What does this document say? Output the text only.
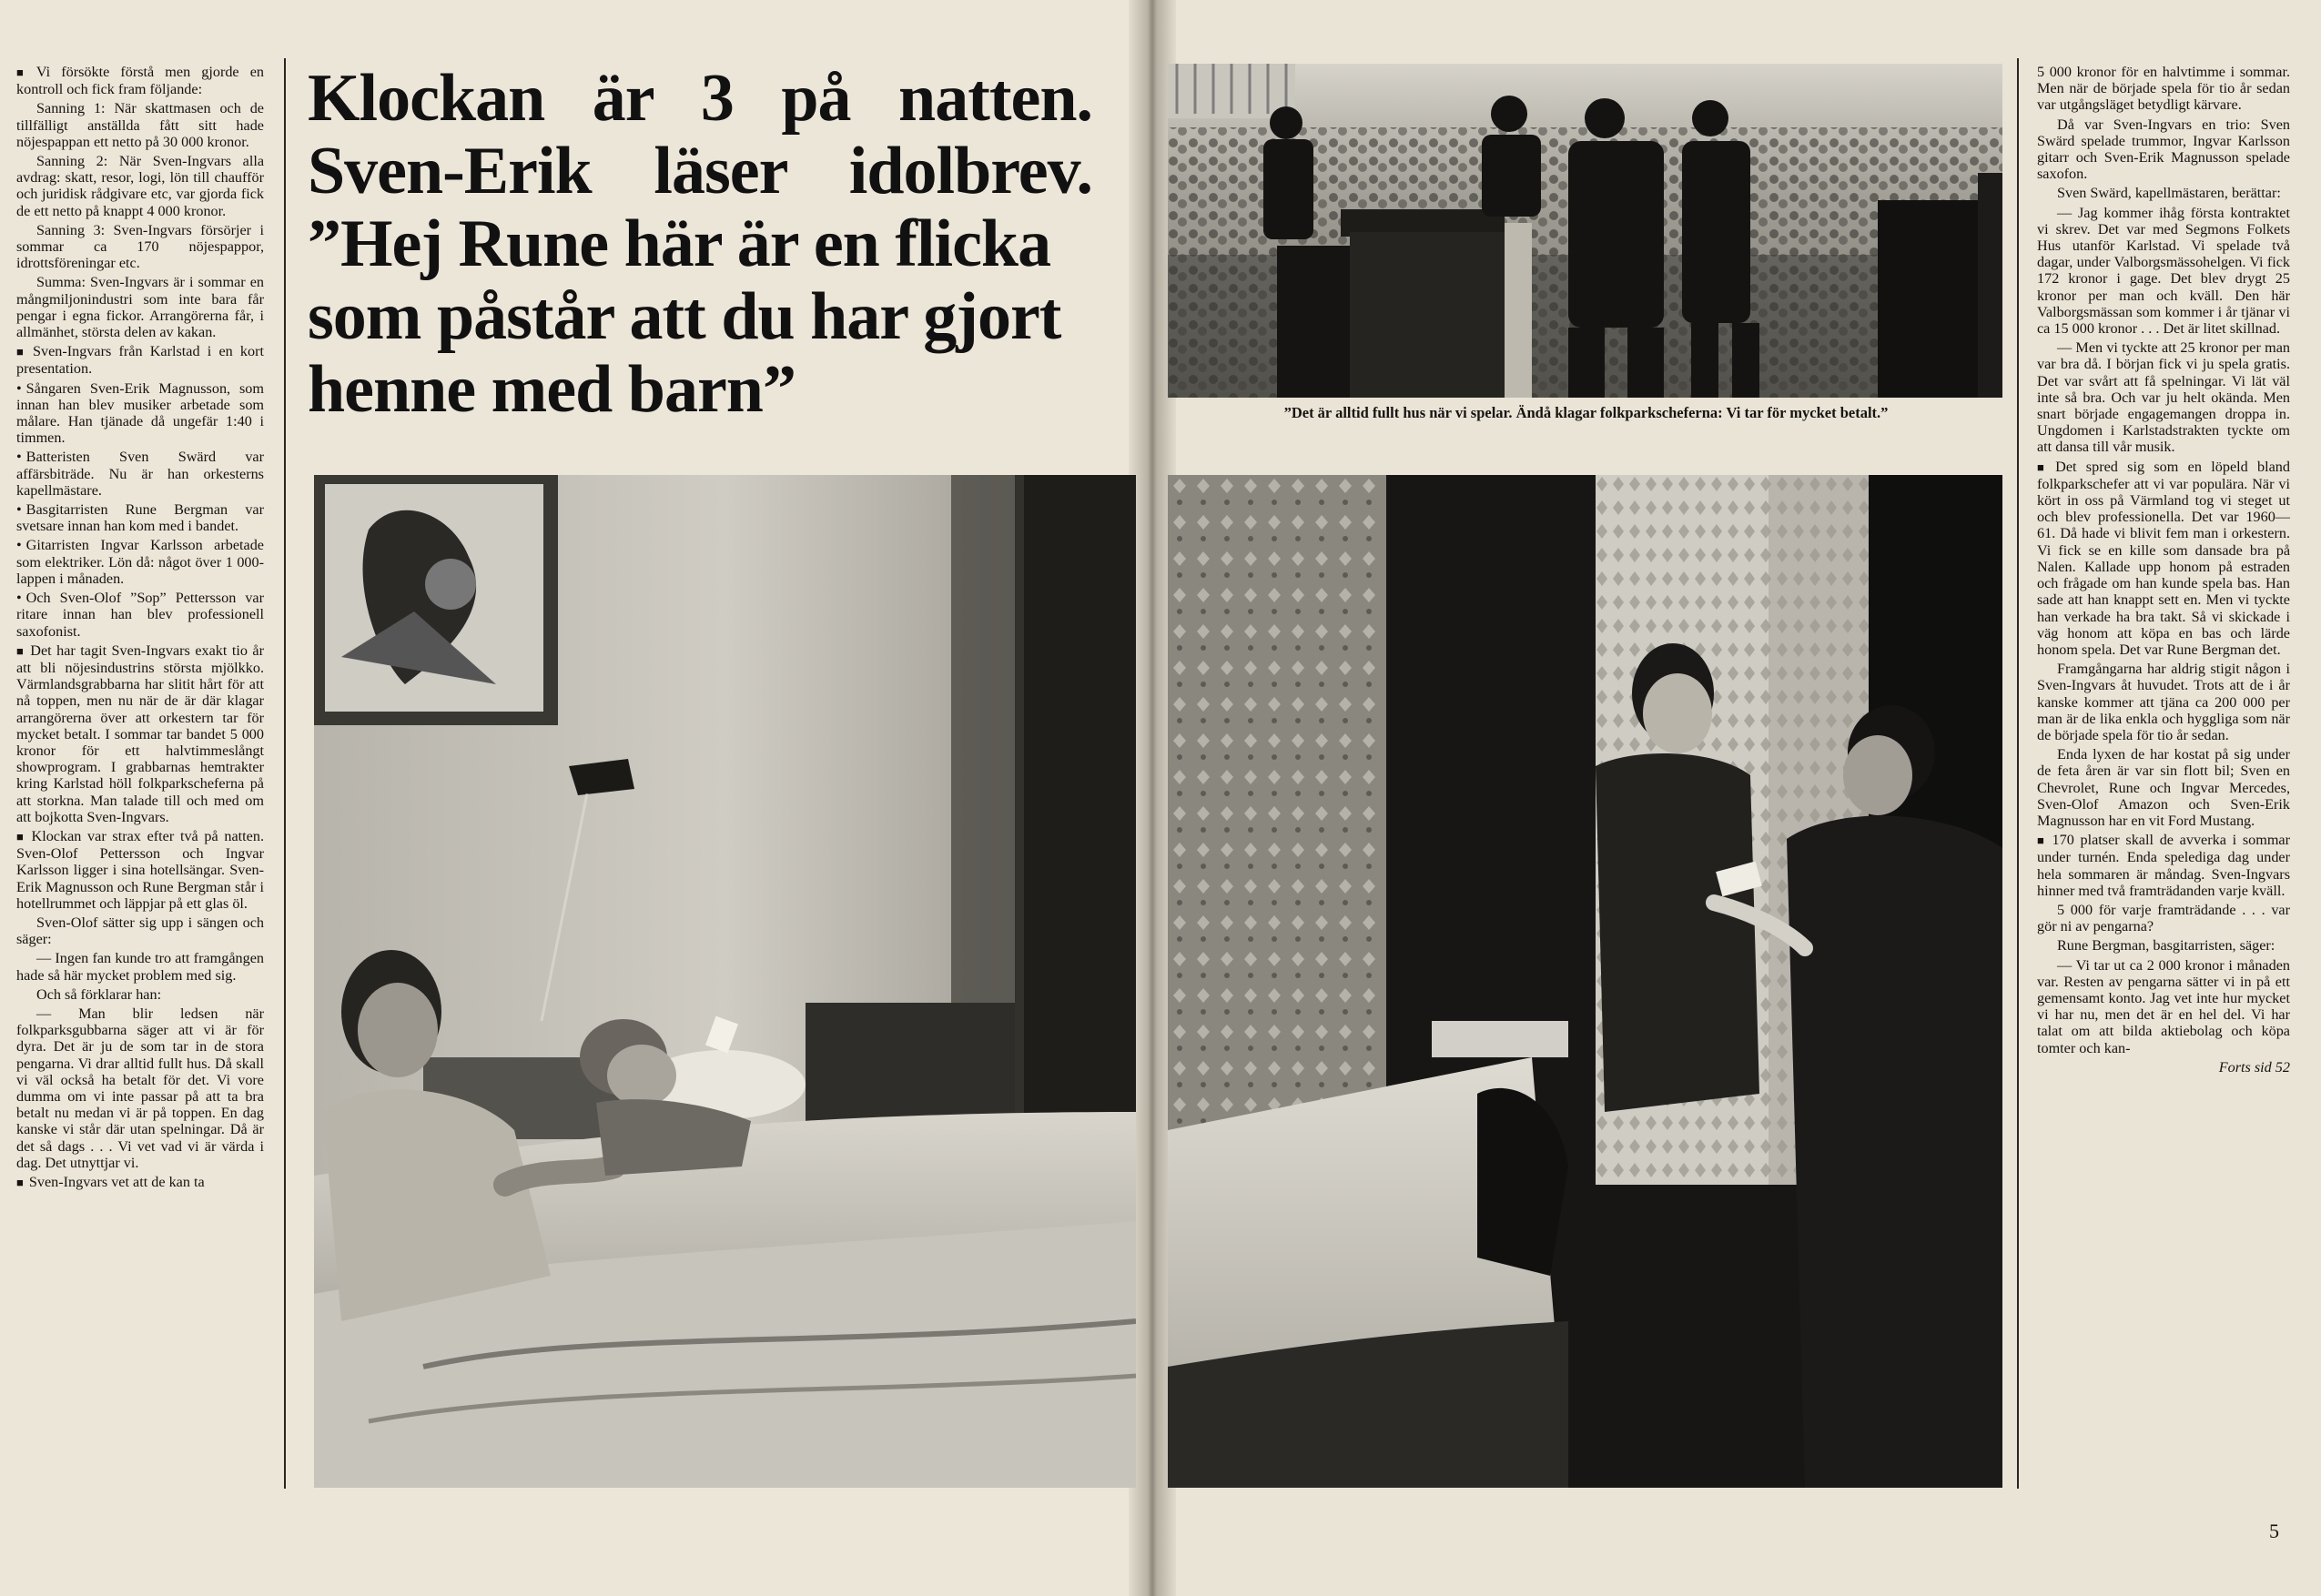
■ Vi försökte förstå men gjorde en kontroll och fick fram följande:

Sanning 1: När skattmasen och de tillfälligt anställda fått sitt hade nöjespappan ett netto på 30 000 kronor.

Sanning 2: När Sven-Ingvars alla avdrag: skatt, resor, logi, lön till chaufför och juridisk rådgivare etc, var gjorda fick de ett netto på knappt 4 000 kronor.

Sanning 3: Sven-Ingvars försörjer i sommar ca 170 nöjespappor, idrottsföreningar etc.

Summa: Sven-Ingvars är i sommar en mångmiljonindustri som inte bara får pengar i egna fickor. Arrangörerna får, i allmänhet, största delen av kakan.

■ Sven-Ingvars från Karlstad i en kort presentation.

• Sångaren Sven-Erik Magnusson, som innan han blev musiker arbetade som målare. Han tjänade då ungefär 1:40 i timmen.

• Batteristen Sven Swärd var affärsbiträde. Nu är han orkesterns kapellmästare.

• Basgitarristen Rune Bergman var svetsare innan han kom med i bandet.

• Gitarristen Ingvar Karlsson arbetade som elektriker. Lön då: något över 1 000-lappen i månaden.

• Och Sven-Olof ”Sop” Pettersson var ritare innan han blev professionell saxofonist.

■ Det har tagit Sven-Ingvars exakt tio år att bli nöjesindustrins största mjölkko. Värmlandsgrabbarna har slitit hårt för att nå toppen, men nu när de är där klagar arrangörerna över att orkestern tar för mycket betalt. I sommar tar bandet 5 000 kronor för ett halvtimmeslångt showprogram. I grabbarnas hemtrakter kring Karlstad höll folkparkscheferna på att storkna. Man talade till och med om att bojkotta Sven-Ingvars.

■ Klockan var strax efter två på natten. Sven-Olof Pettersson och Ingvar Karlsson ligger i sina hotellsängar. Sven-Erik Magnusson och Rune Bergman står i hotellrummet och läppjar på ett glas öl.

Sven-Olof sätter sig upp i sängen och säger:

— Ingen fan kunde tro att framgången hade så här mycket problem med sig.

Och så förklarar han:

— Man blir ledsen när folkparksgubbarna säger att vi är för dyra. Det är ju de som tar in de stora pengarna. Vi drar alltid fullt hus. Då skall vi väl också ha betalt för det. Vi vore dumma om vi inte passar på att ta bra betalt nu medan vi är på toppen. En dag kanske vi står där utan spelningar. Då är det så dags . . . Vi vet vad vi är värda i dag. Det utnyttjar vi.

■ Sven-Ingvars vet att de kan ta

Klockan är 3 på natten.
Sven-Erik läser idolbrev.
”Hej Rune här är en flicka
som påstår att du har gjort
henne med barn”	”Det är alltid fullt hus när vi spelar. Ändå klagar folkparkscheferna: Vi tar för mycket betalt.”

5 000 kronor för en halvtimme i sommar. Men när de började spela för tio år sedan var utgångsläget betydligt kärvare.

Då var Sven-Ingvars en trio: Sven Swärd spelade trummor, Ingvar Karlsson gitarr och Sven-Erik Magnusson spelade saxofon.

Sven Swärd, kapellmästaren, berättar:

— Jag kommer ihåg första kontraktet vi skrev. Det var med Segmons Folkets Hus utanför Karlstad. Vi spelade två dagar, under Valborgsmässohelgen. Vi fick 172 kronor i gage. Det blev drygt 25 kronor per man och kväll. Den här Valborgsmässan som kommer i år tjänar vi ca 15 000 kronor . . . Det är litet skillnad.

— Men vi tyckte att 25 kronor per man var bra då. I början fick vi ju spela gratis. Det var svårt att få spelningar. Vi lät väl inte så bra. Och var ju helt okända. Men snart började engagemangen droppa in. Ungdomen i Karlstadstrakten tyckte om att dansa till vår musik.

■ Det spred sig som en löpeld bland folkparkschefer att vi var populära. När vi kört in oss på Värmland tog vi steget ut och blev professionella. Det var 1960—61. Då hade vi blivit fem man i orkestern. Vi fick se en kille som dansade bra på Nalen. Kallade upp honom på estraden och frågade om han kunde spela bas. Han sade att han knappt sett en. Men vi tyckte han verkade ha bra takt. Så vi skickade i väg honom att köpa en bas och lärde honom spela. Det var Rune Bergman det.

Framgångarna har aldrig stigit någon i Sven-Ingvars åt huvudet. Trots att de i år kanske kommer att tjäna ca 200 000 per man är de lika enkla och hyggliga som när de började spela för tio år sedan.

Enda lyxen de har kostat på sig under de feta åren är var sin flott bil; Sven en Chevrolet, Rune och Ingvar Mercedes, Sven-Olof Amazon och Sven-Erik Magnusson har en vit Ford Mustang.

■ 170 platser skall de avverka i sommar under turnén. Enda spelediga dag under hela sommaren är måndag. Sven-Ingvars hinner med två framträdanden varje kväll.

5 000 för varje framträdande . . . var gör ni av pengarna?

Rune Bergman, basgitarristen, säger:

— Vi tar ut ca 2 000 kronor i månaden var. Resten av pengarna sätter vi in på ett gemensamt konto. Jag vet inte hur mycket vi har nu, men det är en hel del. Vi har talat om att bilda aktiebolag och köpa tomter och kan-

Forts sid 52

5
